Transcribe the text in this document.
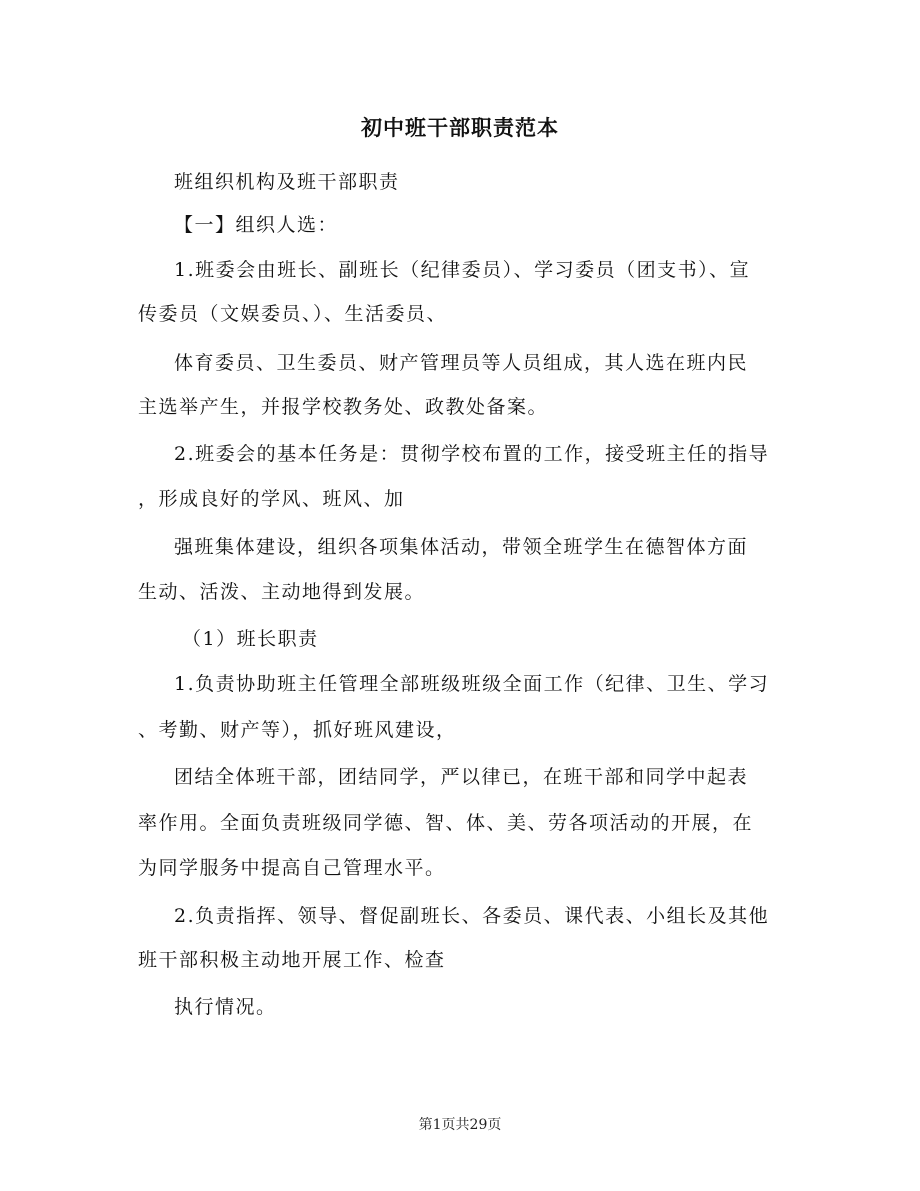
初中班干部职责范本
班组织机构及班干部职责
【一】组织人选：
1.班委会由班长、副班长（纪律委员）、学习委员（团支书）、宣
传委员（文娱委员、）、生活委员、
体育委员、卫生委员、财产管理员等人员组成，其人选在班内民
主选举产生，并报学校教务处、政教处备案。
2.班委会的基本任务是：贯彻学校布置的工作，接受班主任的指导
，形成良好的学风、班风、加
强班集体建设，组织各项集体活动，带领全班学生在德智体方面
生动、活泼、主动地得到发展。
（1）班长职责
1.负责协助班主任管理全部班级班级全面工作（纪律、卫生、学习
、考勤、财产等），抓好班风建设，
团结全体班干部，团结同学，严以律已，在班干部和同学中起表
率作用。全面负责班级同学德、智、体、美、劳各项活动的开展，在
为同学服务中提高自己管理水平。
2.负责指挥、领导、督促副班长、各委员、课代表、小组长及其他
班干部积极主动地开展工作、检查
执行情况。
第1页共29页
